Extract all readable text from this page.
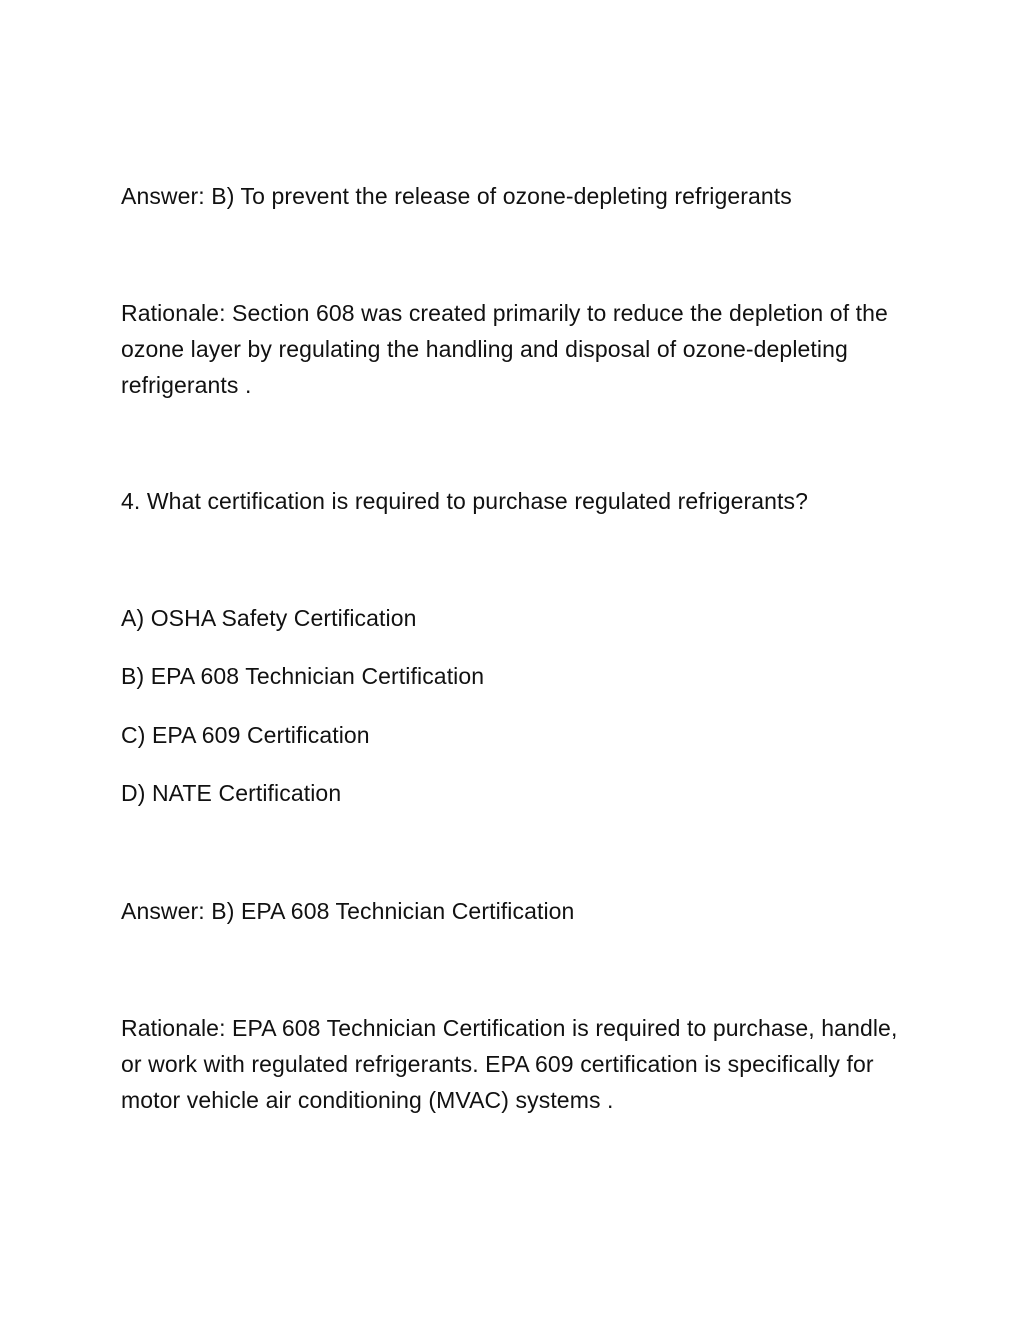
Answer: B) To prevent the release of ozone-depleting refrigerants
Rationale: Section 608 was created primarily to reduce the depletion of the ozone layer by regulating the handling and disposal of ozone-depleting refrigerants .
4. What certification is required to purchase regulated refrigerants?
A) OSHA Safety Certification
B) EPA 608 Technician Certification
C) EPA 609 Certification
D) NATE Certification
Answer: B) EPA 608 Technician Certification
Rationale: EPA 608 Technician Certification is required to purchase, handle, or work with regulated refrigerants. EPA 609 certification is specifically for motor vehicle air conditioning (MVAC) systems .
